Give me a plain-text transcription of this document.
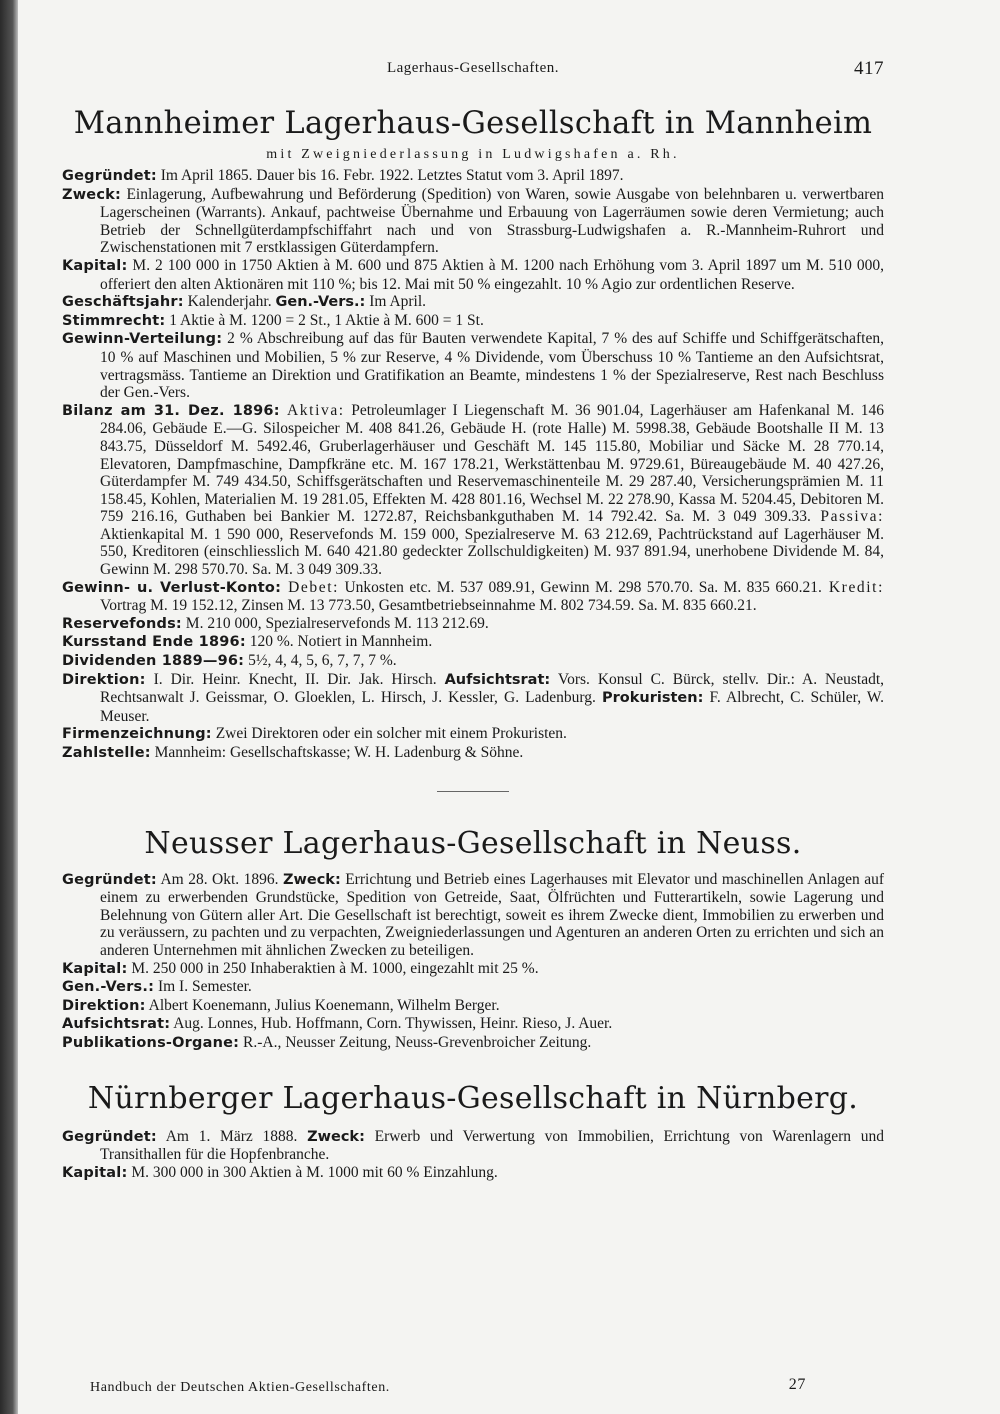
Lagerhaus-Gesellschaften.	417
Mannheimer Lagerhaus-Gesellschaft in Mannheim
mit Zweigniederlassung in Ludwigshafen a. Rh.

Gegründet: Im April 1865. Dauer bis 16. Febr. 1922. Letztes Statut vom 3. April 1897.

Zweck: Einlagerung, Aufbewahrung und Beförderung (Spedition) von Waren, sowie Ausgabe von belehnbaren u. verwertbaren Lagerscheinen (Warrants). Ankauf, pachtweise Übernahme und Erbauung von Lagerräumen sowie deren Vermietung; auch Betrieb der Schnellgüterdampfschiffahrt nach und von Strassburg-Ludwigshafen a. R.-Mannheim-Ruhrort und Zwischenstationen mit 7 erstklassigen Güterdampfern.

Kapital: M. 2 100 000 in 1750 Aktien à M. 600 und 875 Aktien à M. 1200 nach Erhöhung vom 3. April 1897 um M. 510 000, offeriert den alten Aktionären mit 110 %; bis 12. Mai mit 50 % eingezahlt. 10 % Agio zur ordentlichen Reserve.

Geschäftsjahr: Kalenderjahr. Gen.-Vers.: Im April.

Stimmrecht: 1 Aktie à M. 1200 = 2 St., 1 Aktie à M. 600 = 1 St.

Gewinn-Verteilung: 2 % Abschreibung auf das für Bauten verwendete Kapital, 7 % des auf Schiffe und Schiffgerätschaften, 10 % auf Maschinen und Mobilien, 5 % zur Reserve, 4 % Dividende, vom Überschuss 10 % Tantieme an den Aufsichtsrat, vertragsmäss. Tantieme an Direktion und Gratifikation an Beamte, mindestens 1 % der Spezialreserve, Rest nach Beschluss der Gen.-Vers.

Bilanz am 31. Dez. 1896: Aktiva: Petroleumlager I Liegenschaft M. 36 901.04, Lagerhäuser am Hafenkanal M. 146 284.06, Gebäude E.—G. Silospeicher M. 408 841.26, Gebäude H. (rote Halle) M. 5998.38, Gebäude Bootshalle II M. 13 843.75, Düsseldorf M. 5492.46, Gruberlagerhäuser und Geschäft M. 145 115.80, Mobiliar und Säcke M. 28 770.14, Elevatoren, Dampfmaschine, Dampfkräne etc. M. 167 178.21, Werkstättenbau M. 9729.61, Büreaugebäude M. 40 427.26, Güterdampfer M. 749 434.50, Schiffsgerätschaften und Reservemaschinenteile M. 29 287.40, Versicherungsprämien M. 11 158.45, Kohlen, Materialien M. 19 281.05, Effekten M. 428 801.16, Wechsel M. 22 278.90, Kassa M. 5204.45, Debitoren M. 759 216.16, Guthaben bei Bankier M. 1272.87, Reichsbankguthaben M. 14 792.42. Sa. M. 3 049 309.33. Passiva: Aktienkapital M. 1 590 000, Reservefonds M. 159 000, Spezialreserve M. 63 212.69, Pachtrückstand auf Lagerhäuser M. 550, Kreditoren (einschliesslich M. 640 421.80 gedeckter Zollschuldigkeiten) M. 937 891.94, unerhobene Dividende M. 84, Gewinn M. 298 570.70. Sa. M. 3 049 309.33.

Gewinn- u. Verlust-Konto: Debet: Unkosten etc. M. 537 089.91, Gewinn M. 298 570.70. Sa. M. 835 660.21. Kredit: Vortrag M. 19 152.12, Zinsen M. 13 773.50, Gesamtbetriebseinnahme M. 802 734.59. Sa. M. 835 660.21.

Reservefonds: M. 210 000, Spezialreservefonds M. 113 212.69.

Kursstand Ende 1896: 120 %. Notiert in Mannheim.

Dividenden 1889—96: 5½, 4, 4, 5, 6, 7, 7, 7 %.

Direktion: I. Dir. Heinr. Knecht, II. Dir. Jak. Hirsch. Aufsichtsrat: Vors. Konsul C. Bürck, stellv. Dir.: A. Neustadt, Rechtsanwalt J. Geissmar, O. Gloeklen, L. Hirsch, J. Kessler, G. Ladenburg. Prokuristen: F. Albrecht, C. Schüler, W. Meuser.

Firmenzeichnung: Zwei Direktoren oder ein solcher mit einem Prokuristen.

Zahlstelle: Mannheim: Gesellschaftskasse; W. H. Ladenburg & Söhne.

Neusser Lagerhaus-Gesellschaft in Neuss.

Gegründet: Am 28. Okt. 1896. Zweck: Errichtung und Betrieb eines Lagerhauses mit Elevator und maschinellen Anlagen auf einem zu erwerbenden Grundstücke, Spedition von Getreide, Saat, Ölfrüchten und Futterartikeln, sowie Lagerung und Belehnung von Gütern aller Art. Die Gesellschaft ist berechtigt, soweit es ihrem Zwecke dient, Immobilien zu erwerben und zu veräussern, zu pachten und zu verpachten, Zweigniederlassungen und Agenturen an anderen Orten zu errichten und sich an anderen Unternehmen mit ähnlichen Zwecken zu beteiligen.

Kapital: M. 250 000 in 250 Inhaberaktien à M. 1000, eingezahlt mit 25 %.

Gen.-Vers.: Im I. Semester.

Direktion: Albert Koenemann, Julius Koenemann, Wilhelm Berger.

Aufsichtsrat: Aug. Lonnes, Hub. Hoffmann, Corn. Thywissen, Heinr. Rieso, J. Auer.

Publikations-Organe: R.-A., Neusser Zeitung, Neuss-Grevenbroicher Zeitung.

Nürnberger Lagerhaus-Gesellschaft in Nürnberg.

Gegründet: Am 1. März 1888. Zweck: Erwerb und Verwertung von Immobilien, Errichtung von Warenlagern und Transithallen für die Hopfenbranche.

Kapital: M. 300 000 in 300 Aktien à M. 1000 mit 60 % Einzahlung.

Handbuch der Deutschen Aktien-Gesellschaften.	27
